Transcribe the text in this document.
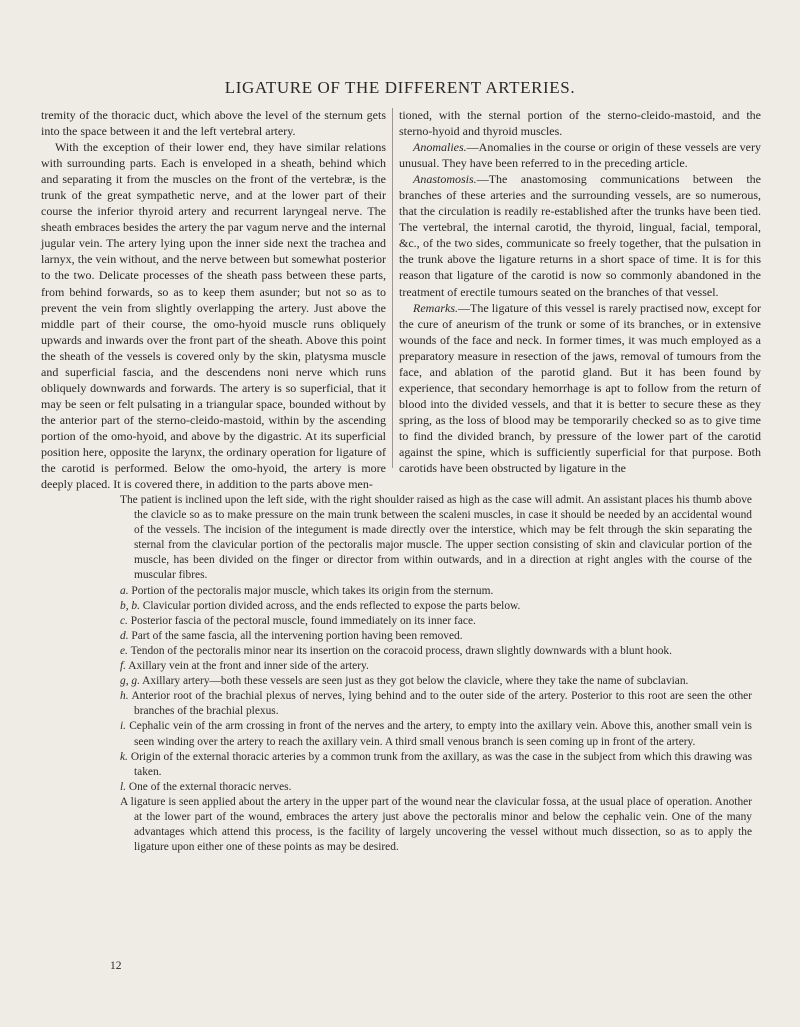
LIGATURE OF THE DIFFERENT ARTERIES.

tremity of the thoracic duct, which above the level of the sternum gets into the space between it and the left vertebral artery.

With the exception of their lower end, they have similar relations with surrounding parts. Each is enveloped in a sheath, behind which and separating it from the muscles on the front of the vertebræ, is the trunk of the great sympathetic nerve, and at the lower part of their course the inferior thyroid artery and recurrent laryngeal nerve. The sheath embraces besides the artery the par vagum nerve and the internal jugular vein. The artery lying upon the inner side next the trachea and larnyx, the vein without, and the nerve between but somewhat posterior to the two. Delicate processes of the sheath pass between these parts, from behind forwards, so as to keep them asunder; but not so as to prevent the vein from slightly overlapping the artery. Just above the middle part of their course, the omo-hyoid muscle runs obliquely upwards and inwards over the front part of the sheath. Above this point the sheath of the vessels is covered only by the skin, platysma muscle and superficial fascia, and the descendens noni nerve which runs obliquely downwards and forwards. The artery is so superficial, that it may be seen or felt pulsating in a triangular space, bounded without by the anterior part of the sterno-cleido-mastoid, within by the ascending portion of the omo-hyoid, and above by the digastric. At its superficial position here, opposite the larynx, the ordinary operation for ligature of the carotid is performed. Below the omo-hyoid, the artery is more deeply placed. It is covered there, in addition to the parts above men-

tioned, with the sternal portion of the sterno-cleido-mastoid, and the sterno-hyoid and thyroid muscles.

Anomalies.—Anomalies in the course or origin of these vessels are very unusual. They have been referred to in the preceding article.

Anastomosis.—The anastomosing communications between the branches of these arteries and the surrounding vessels, are so numerous, that the circulation is readily re-established after the trunks have been tied. The vertebral, the internal carotid, the thyroid, lingual, facial, temporal, &c., of the two sides, communicate so freely together, that the pulsation in the trunk above the ligature returns in a short space of time. It is for this reason that ligature of the carotid is now so commonly abandoned in the treatment of erectile tumours seated on the branches of that vessel.

Remarks.—The ligature of this vessel is rarely practised now, except for the cure of aneurism of the trunk or some of its branches, or in extensive wounds of the face and neck. In former times, it was much employed as a preparatory measure in resection of the jaws, removal of tumours from the face, and ablation of the parotid gland. But it has been found by experience, that secondary hemorrhage is apt to follow from the return of blood into the divided vessels, and that it is better to secure these as they spring, as the loss of blood may be temporarily checked so as to give time to find the divided branch, by pressure of the lower part of the carotid against the spine, which is sufficiently superficial for that purpose. Both carotids have been obstructed by ligature in the

The patient is inclined upon the left side, with the right shoulder raised as high as the case will admit. An assistant places his thumb above the clavicle so as to make pressure on the main trunk between the scaleni muscles, in case it should be needed by an accidental wound of the vessels. The incision of the integument is made directly over the interstice, which may be felt through the skin separating the sternal from the clavicular portion of the pectoralis major muscle. The upper section consisting of skin and clavicular portion of the muscle, has been divided on the finger or director from within outwards, and in a direction at right angles with the course of the muscular fibres.

a. Portion of the pectoralis major muscle, which takes its origin from the sternum.

b, b. Clavicular portion divided across, and the ends reflected to expose the parts below.

c. Posterior fascia of the pectoral muscle, found immediately on its inner face.

d. Part of the same fascia, all the intervening portion having been removed.

e. Tendon of the pectoralis minor near its insertion on the coracoid process, drawn slightly downwards with a blunt hook.

f. Axillary vein at the front and inner side of the artery.

g, g. Axillary artery—both these vessels are seen just as they got below the clavicle, where they take the name of subclavian.

h. Anterior root of the brachial plexus of nerves, lying behind and to the outer side of the artery. Posterior to this root are seen the other branches of the brachial plexus.

i. Cephalic vein of the arm crossing in front of the nerves and the artery, to empty into the axillary vein. Above this, another small vein is seen winding over the artery to reach the axillary vein. A third small venous branch is seen coming up in front of the artery.

k. Origin of the external thoracic arteries by a common trunk from the axillary, as was the case in the subject from which this drawing was taken.

l. One of the external thoracic nerves.

A ligature is seen applied about the artery in the upper part of the wound near the clavicular fossa, at the usual place of operation. Another at the lower part of the wound, embraces the artery just above the pectoralis minor and below the cephalic vein. One of the many advantages which attend this process, is the facility of largely uncovering the vessel without much dissection, so as to apply the ligature upon either one of these points as may be desired.

12
